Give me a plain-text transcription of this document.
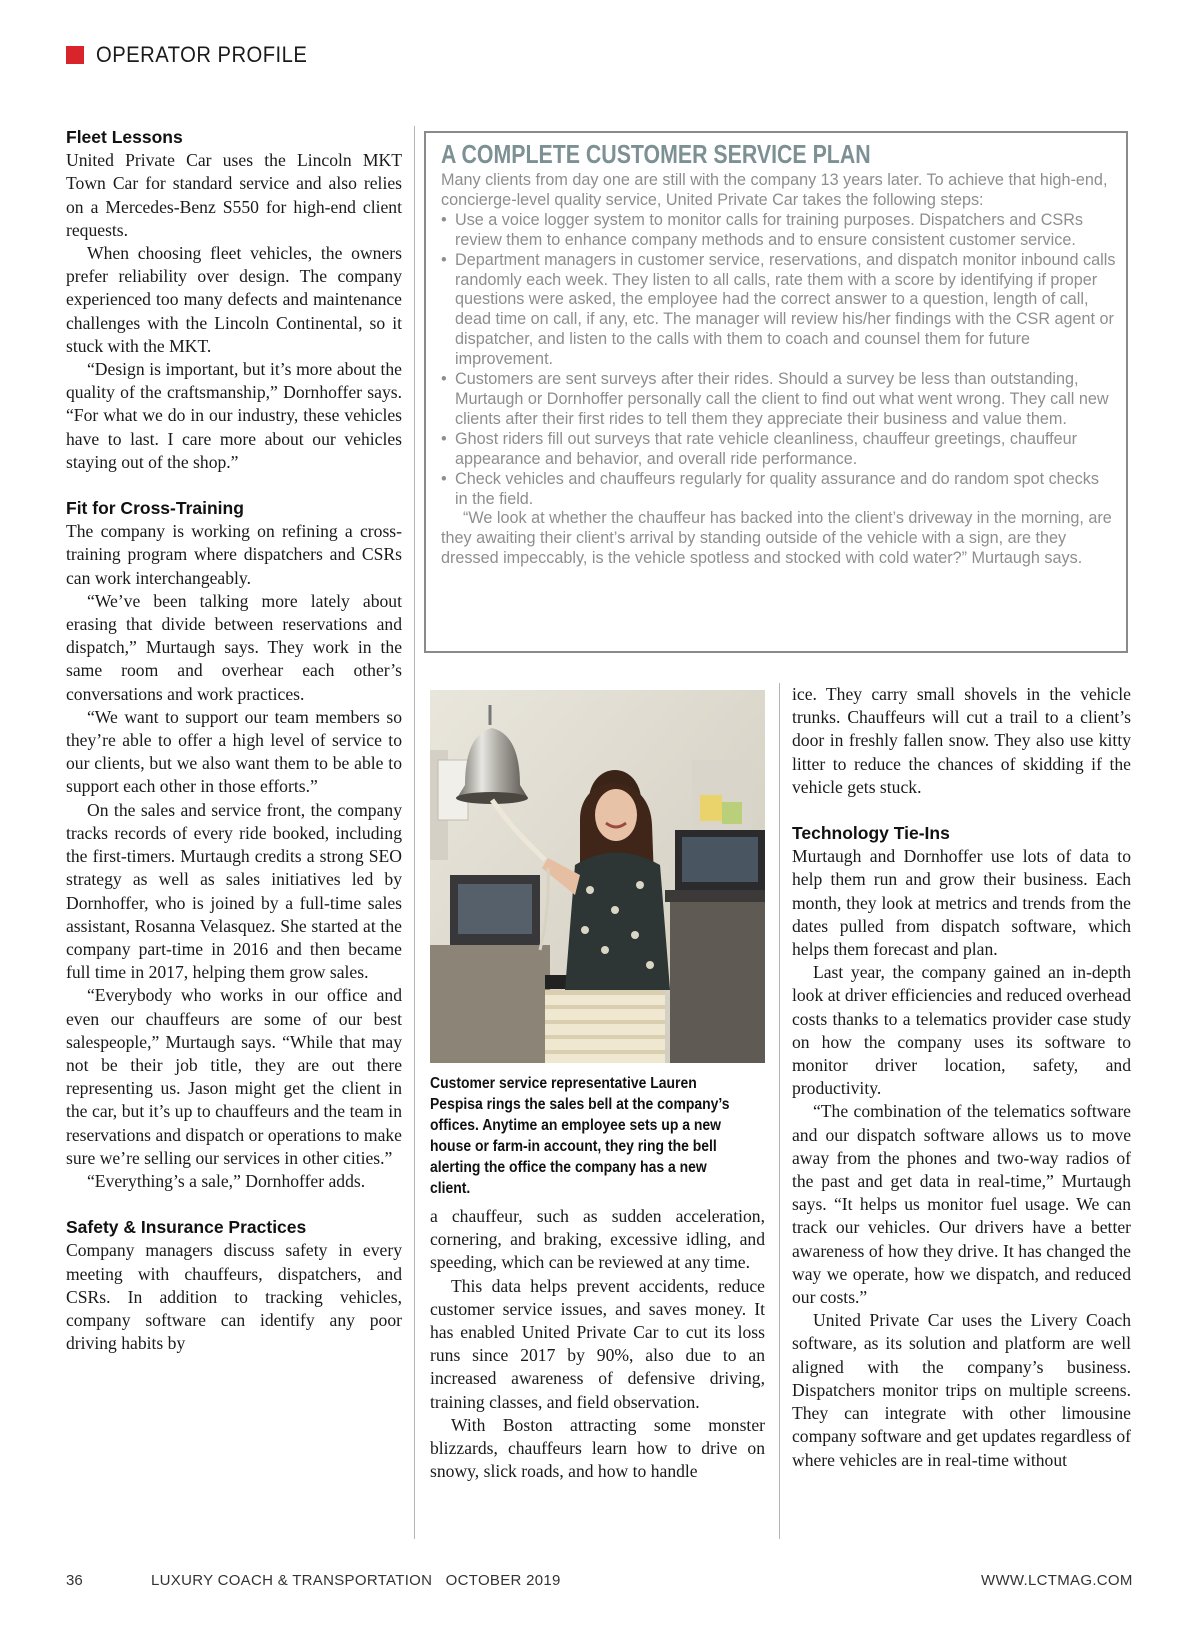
OPERATOR PROFILE
Fleet Lessons

United Private Car uses the Lincoln MKT Town Car for standard service and also relies on a Mercedes-Benz S550 for high-end client requests.

When choosing fleet vehicles, the owners prefer reliability over design. The company experienced too many defects and maintenance challenges with the Lincoln Continental, so it stuck with the MKT.

“Design is important, but it’s more about the quality of the craftsmanship,” Dornhoffer says. “For what we do in our industry, these vehicles have to last. I care more about our vehicles staying out of the shop.”

Fit for Cross-Training

The company is working on refining a cross-training program where dispatchers and CSRs can work interchangeably.

“We’ve been talking more lately about erasing that divide between reservations and dispatch,” Murtaugh says. They work in the same room and overhear each other’s conversations and work practices.

“We want to support our team members so they’re able to offer a high level of service to our clients, but we also want them to be able to support each other in those efforts.”

On the sales and service front, the company tracks records of every ride booked, including the first-timers. Murtaugh credits a strong SEO strategy as well as sales initiatives led by Dornhoffer, who is joined by a full-time sales assistant, Rosanna Velasquez. She started at the company part-time in 2016 and then became full time in 2017, helping them grow sales.

“Everybody who works in our office and even our chauffeurs are some of our best salespeople,” Murtaugh says. “While that may not be their job title, they are out there representing us. Jason might get the client in the car, but it’s up to chauffeurs and the team in reservations and dispatch or operations to make sure we’re selling our services in other cities.”

“Everything’s a sale,” Dornhoffer adds.

Safety & Insurance Practices

Company managers discuss safety in every meeting with chauffeurs, dispatchers, and CSRs. In addition to tracking vehicles, company software can identify any poor driving habits by

A COMPLETE CUSTOMER SERVICE PLAN

Many clients from day one are still with the company 13 years later. To achieve that high-end, concierge-level quality service, United Private Car takes the following steps:

• Use a voice logger system to monitor calls for training purposes. Dispatchers and CSRs review them to enhance company methods and to ensure consistent customer service.
• Department managers in customer service, reservations, and dispatch monitor inbound calls randomly each week. They listen to all calls, rate them with a score by identifying if proper questions were asked, the employee had the correct answer to a question, length of call, dead time on call, if any, etc. The manager will review his/her findings with the CSR agent or dispatcher, and listen to the calls with them to coach and counsel them for future improvement.
• Customers are sent surveys after their rides. Should a survey be less than outstanding, Murtaugh or Dornhoffer personally call the client to find out what went wrong. They call new clients after their first rides to tell them they appreciate their business and value them.
• Ghost riders fill out surveys that rate vehicle cleanliness, chauffeur greetings, chauffeur appearance and behavior, and overall ride performance.
• Check vehicles and chauffeurs regularly for quality assurance and do random spot checks in the field.

“We look at whether the chauffeur has backed into the client’s driveway in the morning, are they awaiting their client’s arrival by standing outside of the vehicle with a sign, are they dressed impeccably, is the vehicle spotless and stocked with cold water?” Murtaugh says.

Customer service representative Lauren Pespisa rings the sales bell at the company’s offices. Anytime an employee sets up a new house or farm-in account, they ring the bell alerting the office the company has a new client.

a chauffeur, such as sudden acceleration, cornering, and braking, excessive idling, and speeding, which can be reviewed at any time.

This data helps prevent accidents, reduce customer service issues, and saves money. It has enabled United Private Car to cut its loss runs since 2017 by 90%, also due to an increased awareness of defensive driving, training classes, and field observation.

With Boston attracting some monster blizzards, chauffeurs learn how to drive on snowy, slick roads, and how to handle

ice. They carry small shovels in the vehicle trunks. Chauffeurs will cut a trail to a client’s door in freshly fallen snow. They also use kitty litter to reduce the chances of skidding if the vehicle gets stuck.

Technology Tie-Ins

Murtaugh and Dornhoffer use lots of data to help them run and grow their business. Each month, they look at metrics and trends from the dates pulled from dispatch software, which helps them forecast and plan.

Last year, the company gained an in-depth look at driver efficiencies and reduced overhead costs thanks to a telematics provider case study on how the company uses its software to monitor driver location, safety, and productivity.

“The combination of the telematics software and our dispatch software allows us to move away from the phones and two-way radios of the past and get data in real-time,” Murtaugh says. “It helps us monitor fuel usage. We can track our vehicles. Our drivers have a better awareness of how they drive. It has changed the way we operate, how we dispatch, and reduced our costs.”

United Private Car uses the Livery Coach software, as its solution and platform are well aligned with the company’s business. Dispatchers monitor trips on multiple screens. They can integrate with other limousine company software and get updates regardless of where vehicles are in real-time without

36	LUXURY COACH & TRANSPORTATION   OCTOBER 2019	WWW.LCTMAG.COM
